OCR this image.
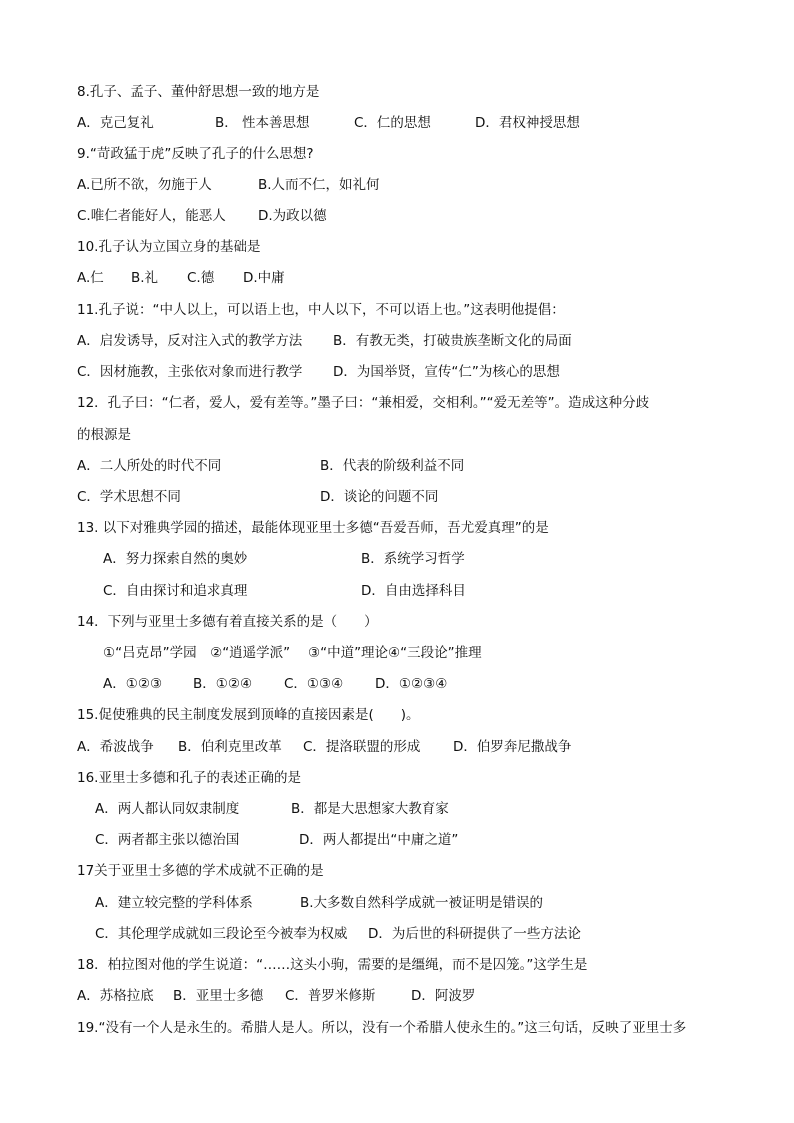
8.孔子、孟子、董仲舒思想一致的地方是
A．克己复礼	B． 性本善思想	C．仁的思想	D．君权神授思想
9.“苛政猛于虎”反映了孔子的什么思想?
A.已所不欲，勿施于人	B.人而不仁，如礼何
C.唯仁者能好人，能恶人 D.为政以德
10.孔子认为立国立身的基础是
A.仁 B.礼 C.德 D.中庸
11.孔子说：“中人以上，可以语上也，中人以下，不可以语上也。”这表明他提倡：
A．启发诱导，反对注入式的教学方法 B．有教无类，打破贵族垄断文化的局面
C．因材施教，主张依对象而进行教学 D．为国举贤，宣传“仁”为核心的思想
12．孔子曰：“仁者，爱人，爱有差等。”墨子曰：“兼相爱，交相利。”“爱无差等”。造成这种分歧
的根源是
A．二人所处的时代不同	B．代表的阶级利益不同
C．学术思想不同	D．谈论的问题不同
13. 以下对雅典学园的描述，最能体现亚里士多德“吾爱吾师，吾尤爱真理”的是
A．努力探索自然的奥妙	B．系统学习哲学
C．自由探讨和追求真理	D．自由选择科目
14．下列与亚里士多德有着直接关系的是（　　）
①“吕克昂”学园　②“逍遥学派”　 ③“中道”理论④“三段论”推理
A．①②③ B．①②④ C．①③④ D．①②③④
15.促使雅典的民主制度发展到顶峰的直接因素是(　　)。
A．希波战争 B．伯利克里改革 C．提洛联盟的形成 D．伯罗奔尼撒战争
16.亚里士多德和孔子的表述正确的是
A．两人都认同奴隶制度	B．都是大思想家大教育家
C．两者都主张以德治国	D．两人都提出“中庸之道”
17关于亚里士多德的学术成就不正确的是
A．建立较完整的学科体系	B.大多数自然科学成就一被证明是错误的
C．其伦理学成就如三段论至今被奉为权威 D．为后世的科研提供了一些方法论
18．柏拉图对他的学生说道：“……这头小驹，需要的是缰绳，而不是囚笼。”这学生是
A．苏格拉底 B．亚里士多德 C．普罗米修斯	D．阿波罗
19.“没有一个人是永生的。希腊人是人。所以，没有一个希腊人使永生的。”这三句话，反映了亚里士多
